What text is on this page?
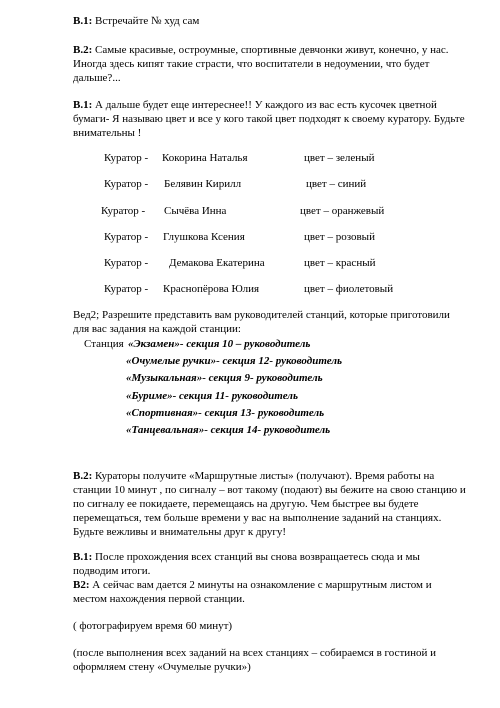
В.1: Встречайте № худ сам

В.2: Самые красивые, остроумные, спортивные девчонки живут, конечно, у нас. Иногда здесь кипят такие страсти, что воспитатели в недоумении, что будет дальше?...

В.1: А дальше будет еще интереснее!! У каждого из вас есть кусочек цветной бумаги- Я называю цвет и все у кого такой цвет подходят к своему куратору. Будьте внимательны !

Куратор - Кокорина Наталья	цвет – зеленый
Куратор - Белявин Кирилл	цвет – синий
Куратор - Сычёва Инна	цвет – оранжевый
Куратор - Глушкова Ксения	цвет – розовый
Куратор - Демакова Екатерина	цвет – красный
Куратор - Краснопёрова Юлия	цвет – фиолетовый

Вед2; Разрешите представить вам руководителей станций, которые приготовили для вас задания на каждой станции:

Станция «Экзамен»- секция 10 – руководитель
«Очумелые ручки»- секция 12- руководитель
«Музыкальная»- секция 9- руководитель
«Буриме»- секция 11- руководитель
«Спортивная»- секция 13- руководитель
«Танцевальная»- секция 14- руководитель

В.2: Кураторы получите «Маршрутные листы» (получают). Время работы на станции 10 минут , по сигналу – вот такому (подают) вы бежите на свою станцию и по сигналу ее покидаете, перемещаясь на другую. Чем быстрее вы будете перемещаться, тем больше времени у вас на выполнение заданий на станциях. Будьте вежливы и внимательны друг к другу!

В.1: После прохождения всех станций вы снова возвращаетесь сюда и мы подводим итоги.

В2: А сейчас вам дается 2 минуты на ознакомление с маршрутным листом и местом нахождения первой станции.

( фотографируем время 60 минут)

(после выполнения всех заданий на всех станциях – собираемся в гостиной и оформляем стену «Очумелые ручки»)
